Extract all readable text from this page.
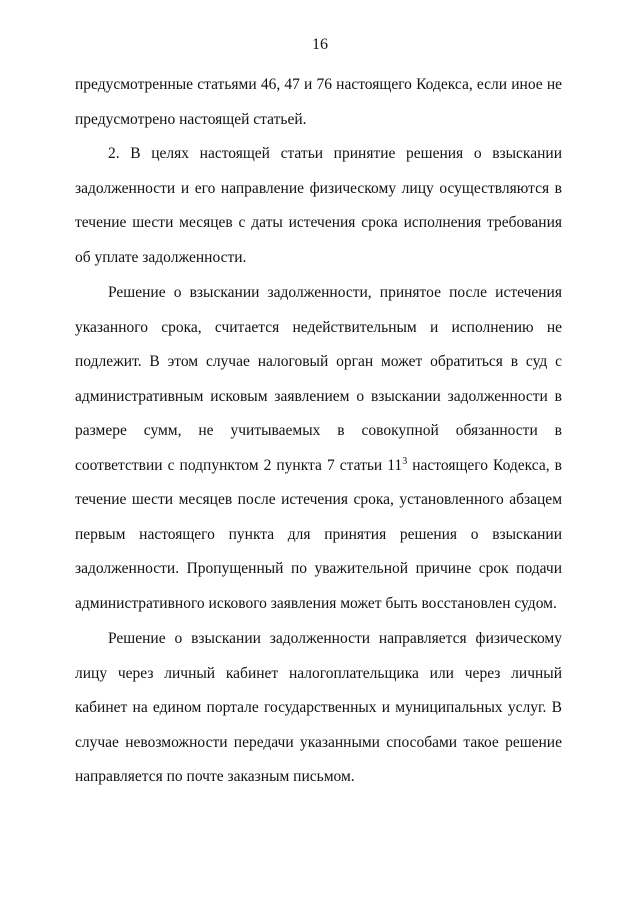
16

предусмотренные статьями 46, 47 и 76 настоящего Кодекса, если иное не предусмотрено настоящей статьей.

2. В целях настоящей статьи принятие решения о взыскании задолженности и его направление физическому лицу осуществляются в течение шести месяцев с даты истечения срока исполнения требования об уплате задолженности.

Решение о взыскании задолженности, принятое после истечения указанного срока, считается недействительным и исполнению не подлежит. В этом случае налоговый орган может обратиться в суд с административным исковым заявлением о взыскании задолженности в размере сумм, не учитываемых в совокупной обязанности в соответствии с подпунктом 2 пункта 7 статьи $11^3$ настоящего Кодекса, в течение шести месяцев после истечения срока, установленного абзацем первым настоящего пункта для принятия решения о взыскании задолженности. Пропущенный по уважительной причине срок подачи административного искового заявления может быть восстановлен судом.

Решение о взыскании задолженности направляется физическому лицу через личный кабинет налогоплательщика или через личный кабинет на едином портале государственных и муниципальных услуг. В случае невозможности передачи указанными способами такое решение направляется по почте заказным письмом.
